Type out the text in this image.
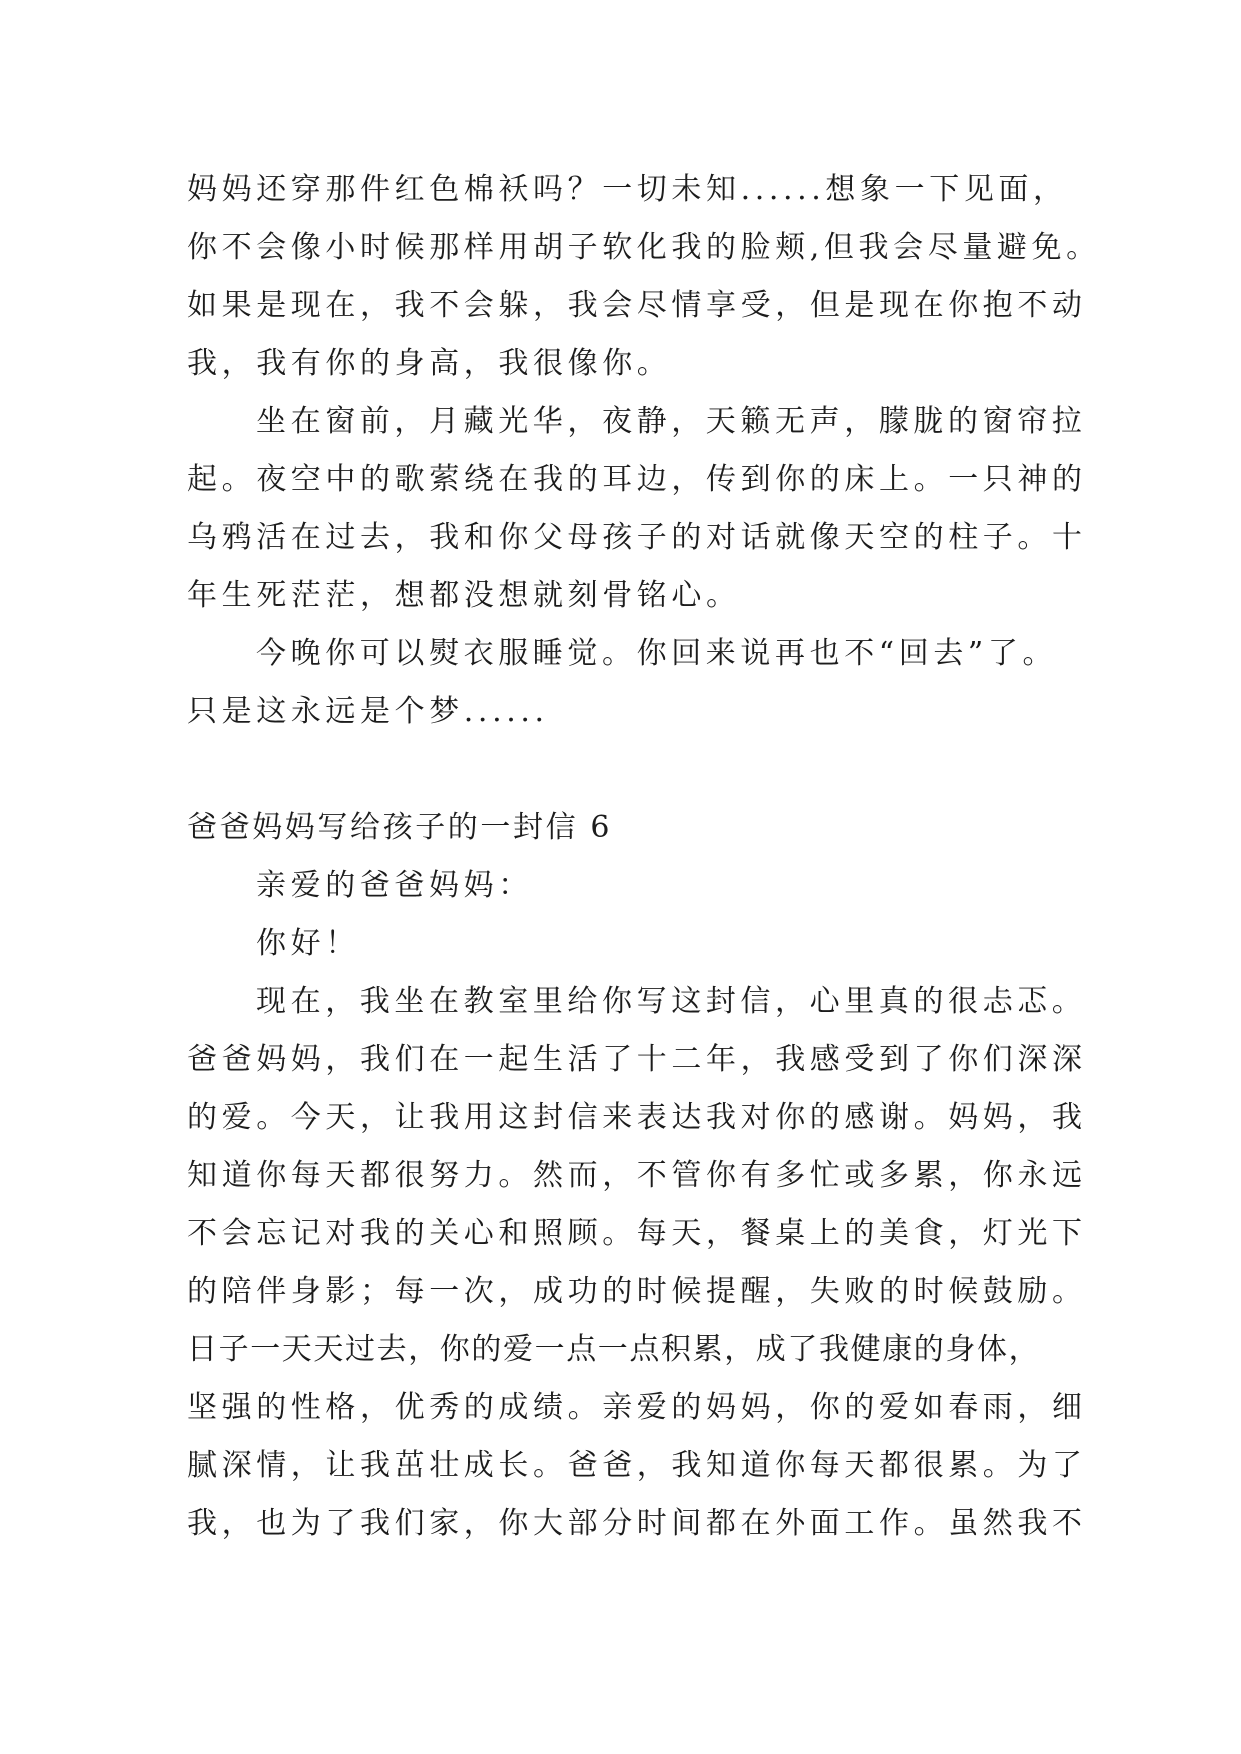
妈妈还穿那件红色棉袄吗？一切未知......想象一下见面，
你不会像小时候那样用胡子软化我的脸颊,但我会尽量避免。
如果是现在，我不会躲，我会尽情享受，但是现在你抱不动
我，我有你的身高，我很像你。
坐在窗前，月藏光华，夜静，天籁无声，朦胧的窗帘拉
起。夜空中的歌萦绕在我的耳边，传到你的床上。一只神的
乌鸦活在过去，我和你父母孩子的对话就像天空的柱子。十
年生死茫茫，想都没想就刻骨铭心。
今晚你可以熨衣服睡觉。你回来说再也不“回去”了。
只是这永远是个梦......
爸爸妈妈写给孩子的一封信 6
亲爱的爸爸妈妈：
你好！
现在，我坐在教室里给你写这封信，心里真的很忐忑。
爸爸妈妈，我们在一起生活了十二年，我感受到了你们深深
的爱。今天，让我用这封信来表达我对你的感谢。妈妈，我
知道你每天都很努力。然而，不管你有多忙或多累，你永远
不会忘记对我的关心和照顾。每天，餐桌上的美食，灯光下
的陪伴身影；每一次，成功的时候提醒，失败的时候鼓励。
日子一天天过去，你的爱一点一点积累，成了我健康的身体，
坚强的性格，优秀的成绩。亲爱的妈妈，你的爱如春雨，细
腻深情，让我茁壮成长。爸爸，我知道你每天都很累。为了
我，也为了我们家，你大部分时间都在外面工作。虽然我不
